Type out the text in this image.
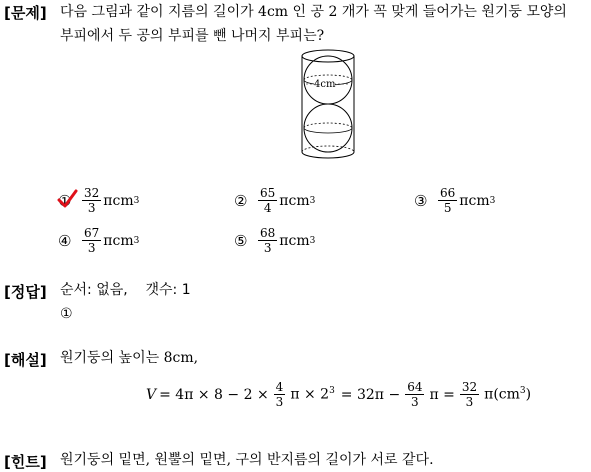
[문제] 다음 그림과 같이 지름의 길이가 4cm 인 공 2 개가 꼭 맞게 들어가는 원기둥 모양의
부피에서 두 공의 부피를 뺀 나머지 부피는?
4cm
① $\frac{32}{3}$ πcm 3	② $\frac{65}{4}$ πcm 3	③ $\frac{66}{5}$ πcm 3
④ $\frac{67}{3}$ πcm 3	⑤ $\frac{68}{3}$ πcm 3
[정답] 순서: 없음,    갯수: 1
①
[해설] 원기둥의 높이는 8cm,
$V = 4\pi \times 8 - 2 \times \frac{4}{3}$ $\pi \times 2^3 = 32\pi - \frac{64}{3}$ $\pi = \frac{32}{3} \pi(cm^3)$
[힌트] 원기둥의 밑면, 원뿔의 밑면, 구의 반지름의 길이가 서로 같다.
